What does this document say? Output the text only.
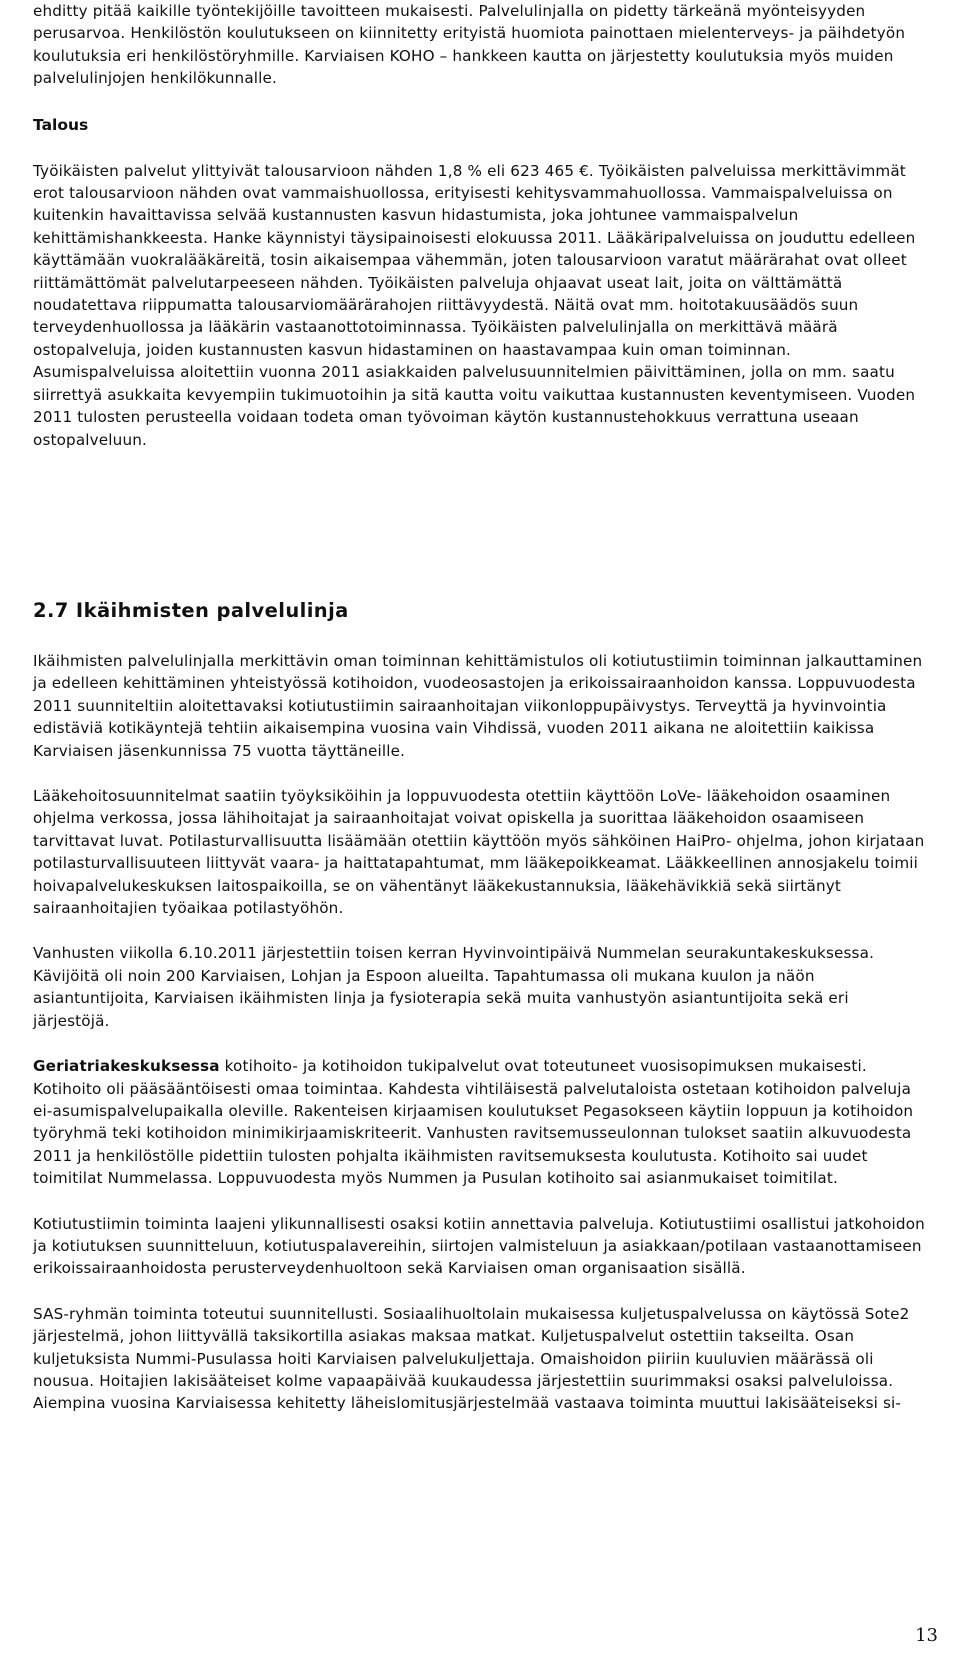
ehditty pitää kaikille työntekijöille tavoitteen mukaisesti. Palvelulinjalla on pidetty tärkeänä myönteisyyden perusarvoa. Henkilöstön koulutukseen on kiinnitetty erityistä huomiota painottaen mielenterveys- ja päihdetyön koulutuksia eri henkilöstöryhmille. Karviaisen KOHO – hankkeen kautta on järjestetty koulutuksia myös muiden palvelulinjojen henkilökunnalle.

Talous

Työikäisten palvelut ylittyivät talousarvioon nähden 1,8 % eli 623 465 €. Työikäisten palveluissa merkittävimmät erot talousarvioon nähden ovat vammaishuollossa, erityisesti kehitysvammahuollossa. Vammaispalveluissa on kuitenkin havaittavissa selvää kustannusten kasvun hidastumista, joka johtunee vammaispalvelun kehittämishankkeesta. Hanke käynnistyi täysipainoisesti elokuussa 2011. Lääkäripalveluissa on jouduttu edelleen käyttämään vuokralääkäreitä, tosin aikaisempaa vähemmän, joten talousarvioon varatut määrärahat ovat olleet riittämättömät palvelutarpeeseen nähden. Työikäisten palveluja ohjaavat useat lait, joita on välttämättä noudatettava riippumatta talousarviomäärärahojen riittävyydestä. Näitä ovat mm. hoitotakuusäädös suun terveydenhuollossa ja lääkärin vastaanottotoiminnassa. Työikäisten palvelulinjalla on merkittävä määrä ostopalveluja, joiden kustannusten kasvun hidastaminen on haastavampaa kuin oman toiminnan. Asumispalveluissa aloitettiin vuonna 2011 asiakkaiden palvelusuunnitelmien päivittäminen, jolla on mm. saatu siirrettyä asukkaita kevyempiin tukimuotoihin ja sitä kautta voitu vaikuttaa kustannusten keventymiseen. Vuoden 2011 tulosten perusteella voidaan todeta oman työvoiman käytön kustannustehokkuus verrattuna useaan ostopalveluun.

2.7 Ikäihmisten palvelulinja

Ikäihmisten palvelulinjalla merkittävin oman toiminnan kehittämistulos oli kotiutustiimin toiminnan jalkauttaminen ja edelleen kehittäminen yhteistyössä kotihoidon, vuodeosastojen ja erikoissairaanhoidon kanssa. Loppuvuodesta 2011 suunniteltiin aloitettavaksi kotiutustiimin sairaanhoitajan viikonloppupäivystys. Terveyttä ja hyvinvointia edistäviä kotikäyntejä tehtiin aikaisempina vuosina vain Vihdissä, vuoden 2011 aikana ne aloitettiin kaikissa Karviaisen jäsenkunnissa 75 vuotta täyttäneille.

Lääkehoitosuunnitelmat saatiin työyksiköihin ja loppuvuodesta otettiin käyttöön LoVe- lääkehoidon osaaminen ohjelma verkossa, jossa lähihoitajat ja sairaanhoitajat voivat opiskella ja suorittaa lääkehoidon osaamiseen tarvittavat luvat. Potilasturvallisuutta lisäämään otettiin käyttöön myös sähköinen HaiPro- ohjelma, johon kirjataan potilasturvallisuuteen liittyvät vaara- ja haittatapahtumat, mm lääkepoikkeamat. Lääkkeellinen annosjakelu toimii hoivapalvelukeskuksen laitospaikoilla, se on vähentänyt lääkekustannuksia, lääkehävikkiä sekä siirtänyt sairaanhoitajien työaikaa potilastyöhön.

Vanhusten viikolla 6.10.2011 järjestettiin toisen kerran Hyvinvointipäivä Nummelan seurakuntakeskuksessa. Kävijöitä oli noin 200 Karviaisen, Lohjan ja Espoon alueilta. Tapahtumassa oli mukana kuulon ja näön asiantuntijoita, Karviaisen ikäihmisten linja ja fysioterapia sekä muita vanhustyön asiantuntijoita sekä eri järjestöjä.

Geriatriakeskuksessa kotihoito- ja kotihoidon tukipalvelut ovat toteutuneet vuosisopimuksen mukaisesti. Kotihoito oli pääsääntöisesti omaa toimintaa. Kahdesta vihtiläisestä palvelutaloista ostetaan kotihoidon palveluja ei-asumispalvelupaikalla oleville. Rakenteisen kirjaamisen koulutukset Pegasokseen käytiin loppuun ja kotihoidon työryhmä teki kotihoidon minimikirjaamiskriteerit. Vanhusten ravitsemusseulonnan tulokset saatiin alkuvuodesta 2011 ja henkilöstölle pidettiin tulosten pohjalta ikäihmisten ravitsemuksesta koulutusta. Kotihoito sai uudet toimitilat Nummelassa. Loppuvuodesta myös Nummen ja Pusulan kotihoito sai asianmukaiset toimitilat.

Kotiutustiimin toiminta laajeni ylikunnallisesti osaksi kotiin annettavia palveluja. Kotiutustiimi osallistui jatkohoidon ja kotiutuksen suunnitteluun, kotiutuspalavereihin, siirtojen valmisteluun ja asiakkaan/potilaan vastaanottamiseen erikoissairaanhoidosta perusterveydenhuoltoon sekä Karviaisen oman organisaation sisällä.

SAS-ryhmän toiminta toteutui suunnitellusti. Sosiaalihuoltolain mukaisessa kuljetuspalvelussa on käytössä Sote2 järjestelmä, johon liittyvällä taksikortilla asiakas maksaa matkat. Kuljetuspalvelut ostettiin takseilta. Osan kuljetuksista Nummi-Pusulassa hoiti Karviaisen palvelukuljettaja. Omaishoidon piiriin kuuluvien määrässä oli nousua. Hoitajien lakisääteiset kolme vapaapäivää kuukaudessa järjestettiin suurimmaksi osaksi palveluloissa. Aiempina vuosina Karviaisessa kehitetty läheislomitusjärjestelmää vastaava toiminta muuttui lakisääteiseksi si-

13
